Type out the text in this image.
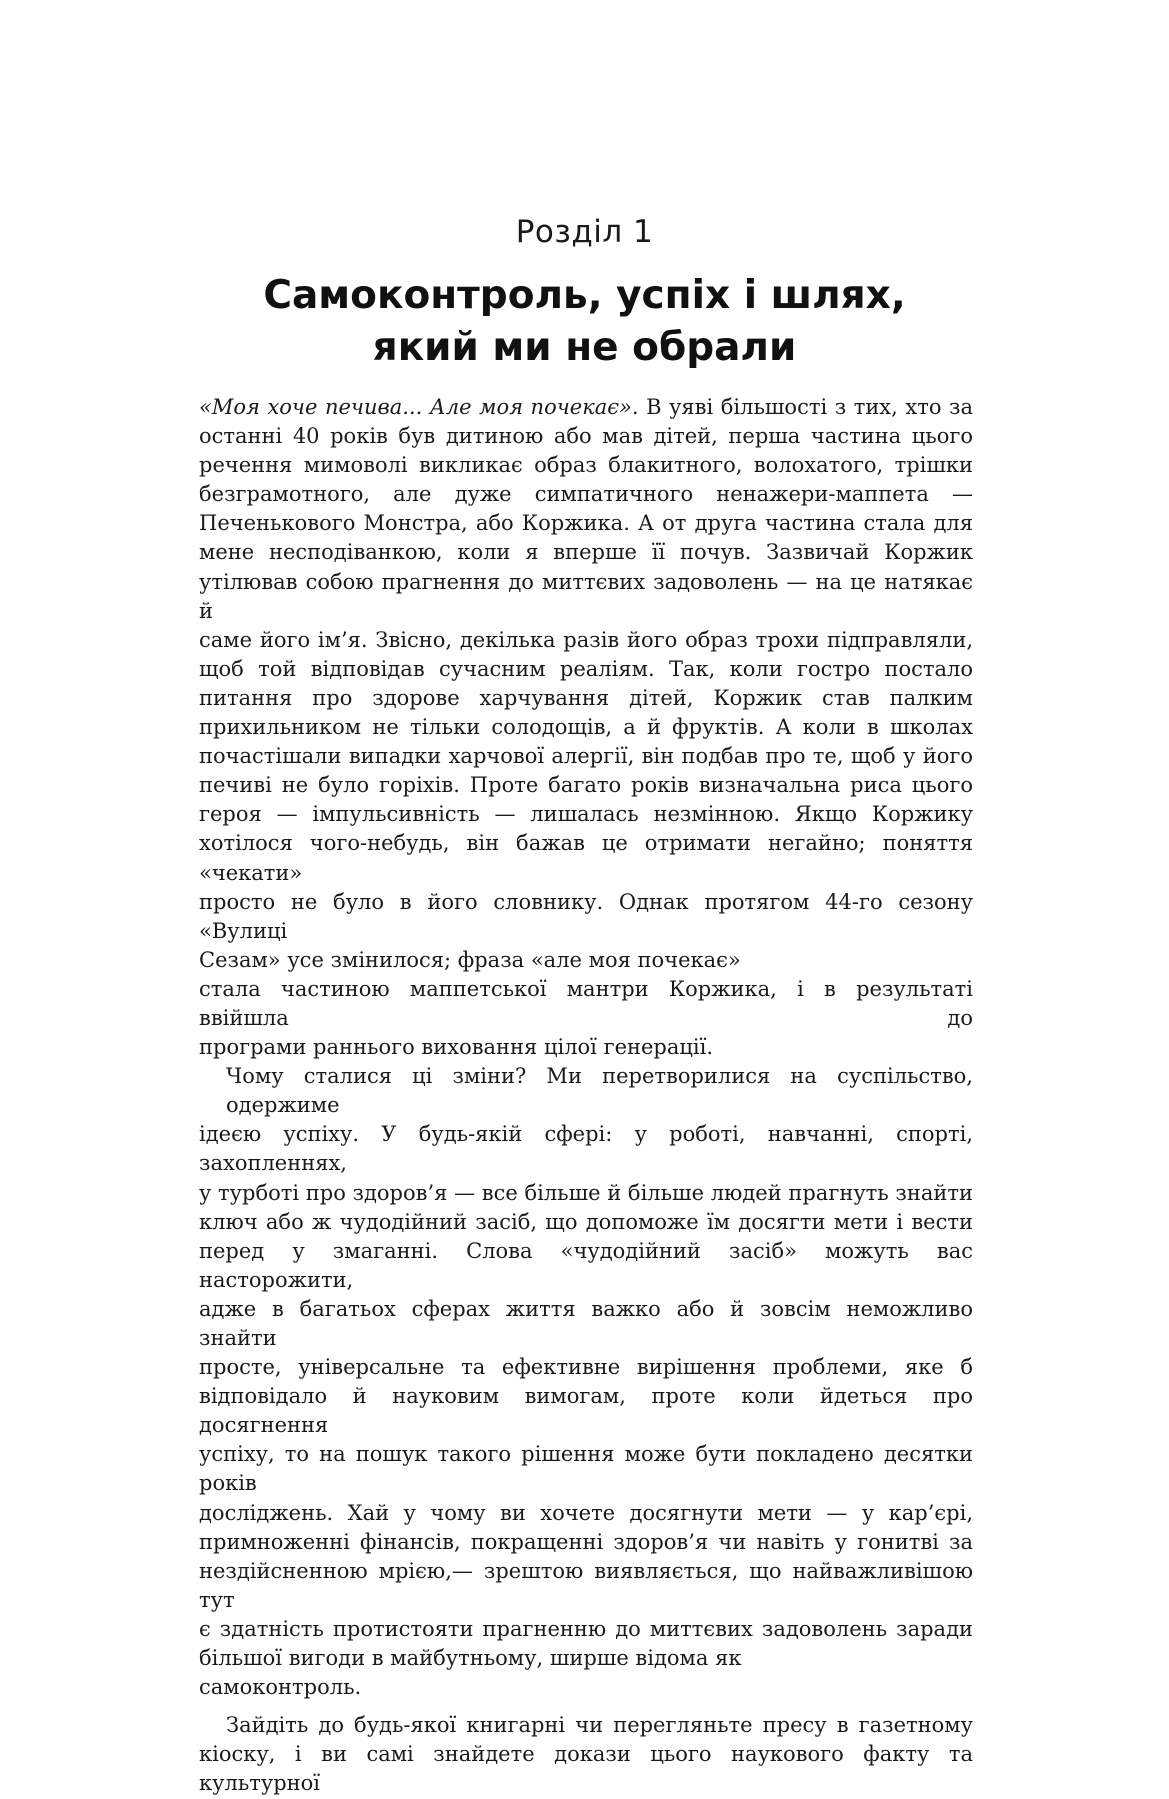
Розділ 1
Самоконтроль, успіх і шлях,
який ми не обрали

«Моя хоче печива... Але моя почекає». В уяві більшості з тих, хто за
останні 40 років був дитиною або мав дітей, перша частина цього
речення мимоволі викликає образ блакитного, волохатого, трішки
безграмотного, але дуже симпатичного ненажери-маппета —
Печенькового Монстра, або Коржика. А от друга частина стала для
мене несподіванкою, коли я вперше її почув. Зазвичай Коржик
утілював собою прагнення до миттєвих задоволень — на це натякає й
саме його ім’я. Звісно, декілька разів його образ трохи підправляли,
щоб той відповідав сучасним реаліям. Так, коли гостро постало
питання про здорове харчування дітей, Коржик став палким
прихильником не тільки солодощів, а й фруктів. А коли в школах
почастішали випадки харчової алергії, він подбав про те, щоб у його
печиві не було горіхів. Проте багато років визначальна риса цього
героя — імпульсивність — лишалась незмінною. Якщо Коржику
хотілося чого-небудь, він бажав це отримати негайно; поняття «чекати»
просто не було в його словнику. Однак протягом 44-го сезону «Вулиці
Сезам» усе змінилося; фраза «але моя почекає»
стала частиною маппетської мантри Коржика, і в результаті ввійшла до
програми раннього виховання цілої генерації.

Чому сталися ці зміни? Ми перетворилися на суспільство, одержиме
ідеєю успіху. У будь-якій сфері: у роботі, навчанні, спорті, захопленнях,
у турботі про здоров’я — все більше й більше людей прагнуть знайти
ключ або ж чудодійний засіб, що допоможе їм досягти мети і вести
перед у змаганні. Слова «чудодійний засіб» можуть вас насторожити,
адже в багатьох сферах життя важко або й зовсім неможливо знайти
просте, універсальне та ефективне вирішення проблеми, яке б
відповідало й науковим вимогам, проте коли йдеться про досягнення
успіху, то на пошук такого рішення може бути покладено десятки років
досліджень. Хай у чому ви хочете досягнути мети — у кар’єрі,
примноженні фінансів, покращенні здоров’я чи навіть у гонитві за
нездійсненною мрією,— зрештою виявляється, що найважливішою тут
є здатність протистояти прагненню до миттєвих задоволень заради
більшої вигоди в майбутньому, ширше відома як
самоконтроль.

Зайдіть до будь-якої книгарні чи перегляньте пресу в газетному
кіоску, і ви самі знайдете докази цього наукового факту та культурної
